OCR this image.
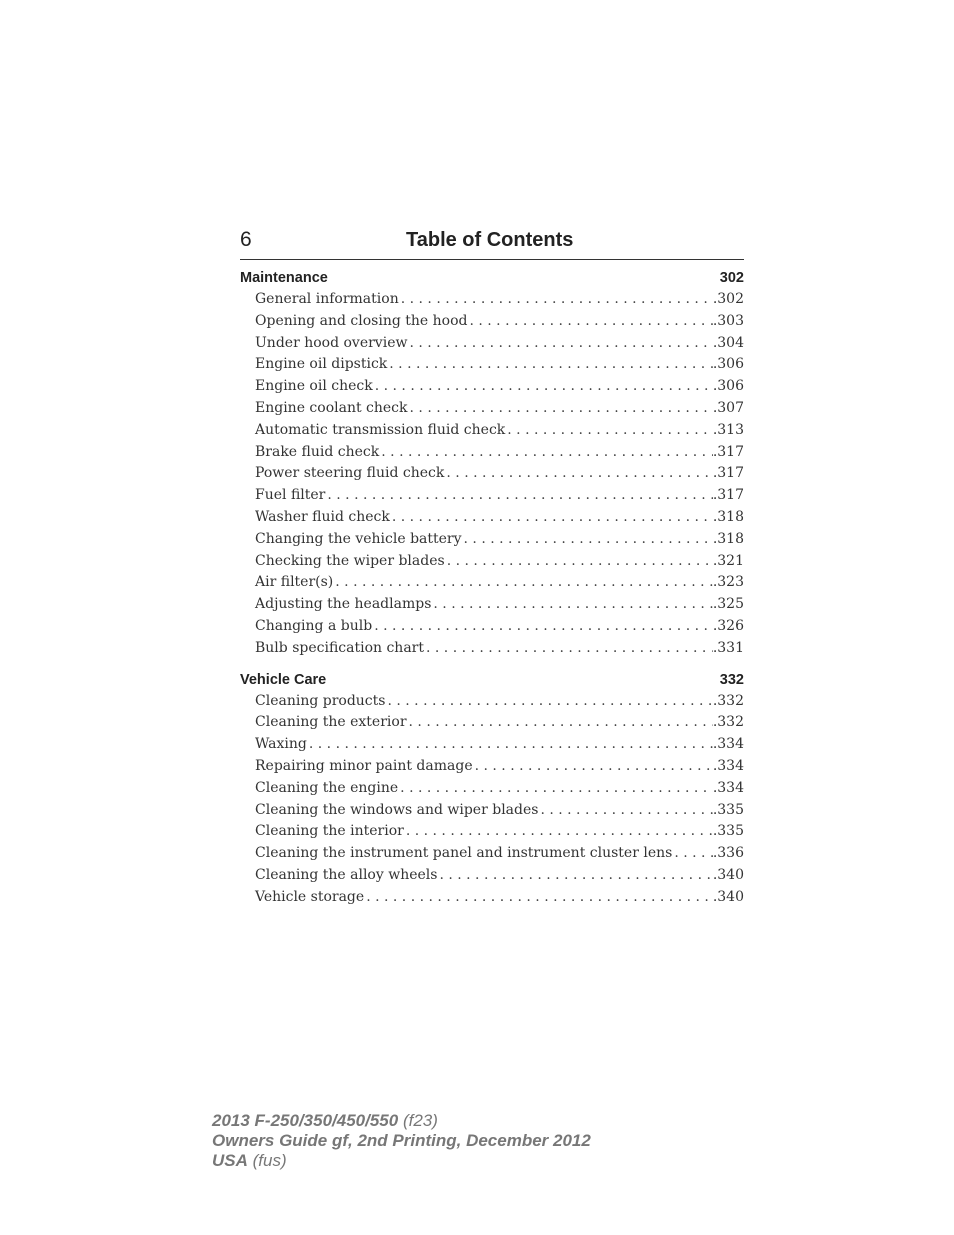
6	Table of Contents
Maintenance	302
General information . . .	.302
Opening and closing the hood . . .	.303
Under hood overview . . .	.304
Engine oil dipstick . . .	.306
Engine oil check . . .	.306
Engine coolant check . . .	.307
Automatic transmission fluid check . . .	.313
Brake fluid check . . .	.317
Power steering fluid check . . .	.317
Fuel filter . . .	.317
Washer fluid check . . .	.318
Changing the vehicle battery . . .	.318
Checking the wiper blades . . .	.321
Air filter(s) . . .	.323
Adjusting the headlamps . . .	.325
Changing a bulb . . .	.326
Bulb specification chart . . .	.331
Vehicle Care	332
Cleaning products . . .	.332
Cleaning the exterior . . .	.332
Waxing . . .	.334
Repairing minor paint damage . . .	.334
Cleaning the engine . . .	.334
Cleaning the windows and wiper blades . . .	.335
Cleaning the interior . . .	.335
Cleaning the instrument panel and instrument cluster lens . . .	.336
Cleaning the alloy wheels . . .	.340
Vehicle storage . . .	.340
2013 F-250/350/450/550 (f23)
Owners Guide gf, 2nd Printing, December 2012
USA (fus)
